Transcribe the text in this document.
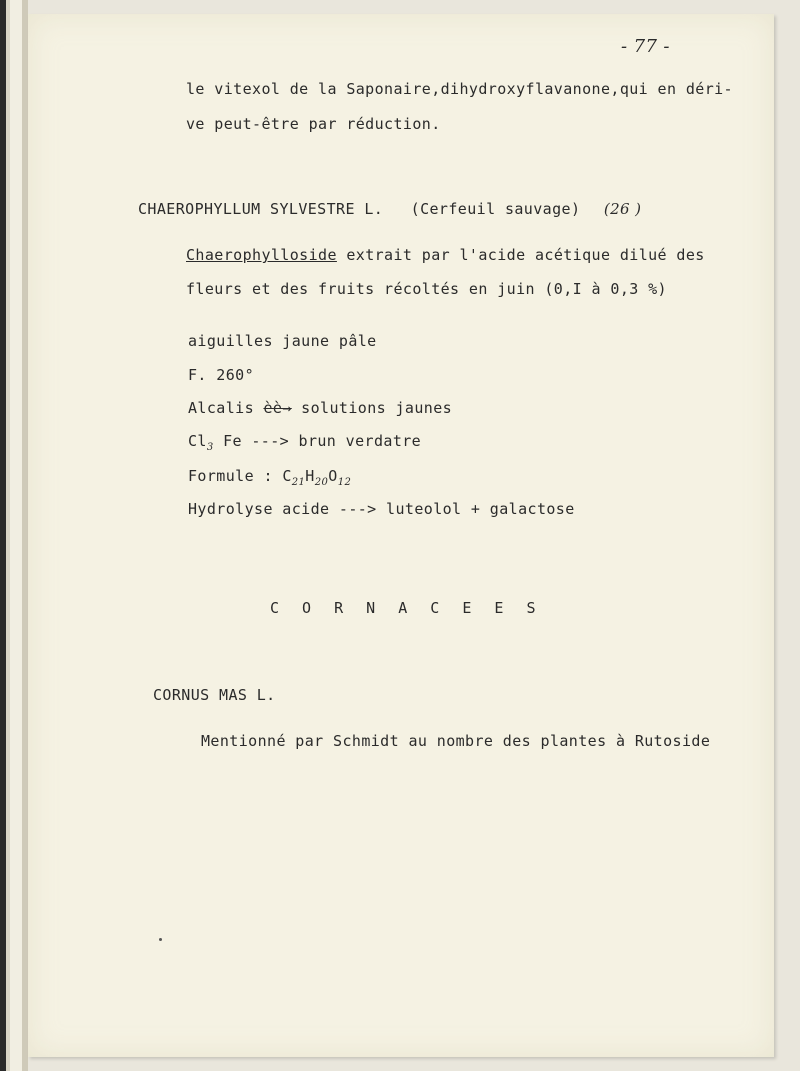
- 77 -
le vitexol de la Saponaire,dihydroxyflavanone,qui en déri-
ve peut-être par réduction.
CHAEROPHYLLUM SYLVESTRE L. (Cerfeuil sauvage) (26 )
Chaerophylloside extrait par l'acide acétique dilué des
fleurs et des fruits récoltés en juin (0,I à 0,3 %)
aiguilles jaune pâle
F. 260°
Alcalis èè→ solutions jaunes
$Cl_3$ Fe ---> brun verdatre
Formule : $C_{21}H_{20}O_{12}$
Hydrolyse acide ---> luteolol + galactose
C O R N A C E E S
CORNUS MAS L.
Mentionné par Schmidt au nombre des plantes à Rutoside
